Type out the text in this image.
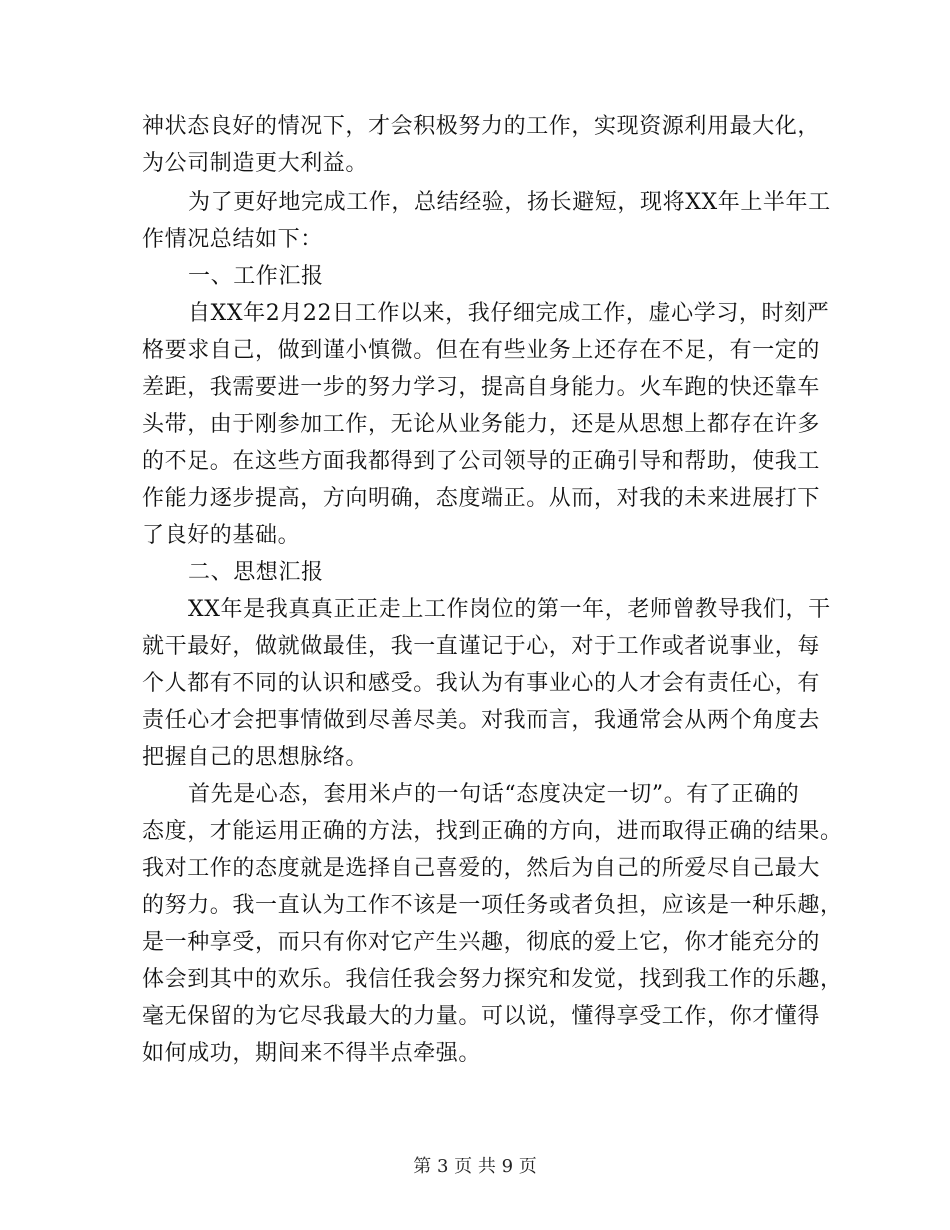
神状态良好的情况下，才会积极努力的工作，实现资源利用最大化，
为公司制造更大利益。
为了更好地完成工作，总结经验，扬长避短，现将XX年上半年工
作情况总结如下：
一、工作汇报
自XX年2月22日工作以来，我仔细完成工作，虚心学习，时刻严
格要求自己，做到谨小慎微。但在有些业务上还存在不足，有一定的
差距，我需要进一步的努力学习，提高自身能力。火车跑的快还靠车
头带，由于刚参加工作，无论从业务能力，还是从思想上都存在许多
的不足。在这些方面我都得到了公司领导的正确引导和帮助，使我工
作能力逐步提高，方向明确，态度端正。从而，对我的未来进展打下
了良好的基础。
二、思想汇报
XX年是我真真正正走上工作岗位的第一年，老师曾教导我们，干
就干最好，做就做最佳，我一直谨记于心，对于工作或者说事业，每
个人都有不同的认识和感受。我认为有事业心的人才会有责任心，有
责任心才会把事情做到尽善尽美。对我而言，我通常会从两个角度去
把握自己的思想脉络。
首先是心态，套用米卢的一句话“态度决定一切”。有了正确的
态度，才能运用正确的方法，找到正确的方向，进而取得正确的结果。
我对工作的态度就是选择自己喜爱的，然后为自己的所爱尽自己最大
的努力。我一直认为工作不该是一项任务或者负担，应该是一种乐趣，
是一种享受，而只有你对它产生兴趣，彻底的爱上它，你才能充分的
体会到其中的欢乐。我信任我会努力探究和发觉，找到我工作的乐趣，
毫无保留的为它尽我最大的力量。可以说，懂得享受工作，你才懂得
如何成功，期间来不得半点牵强。
第 3 页 共 9 页
